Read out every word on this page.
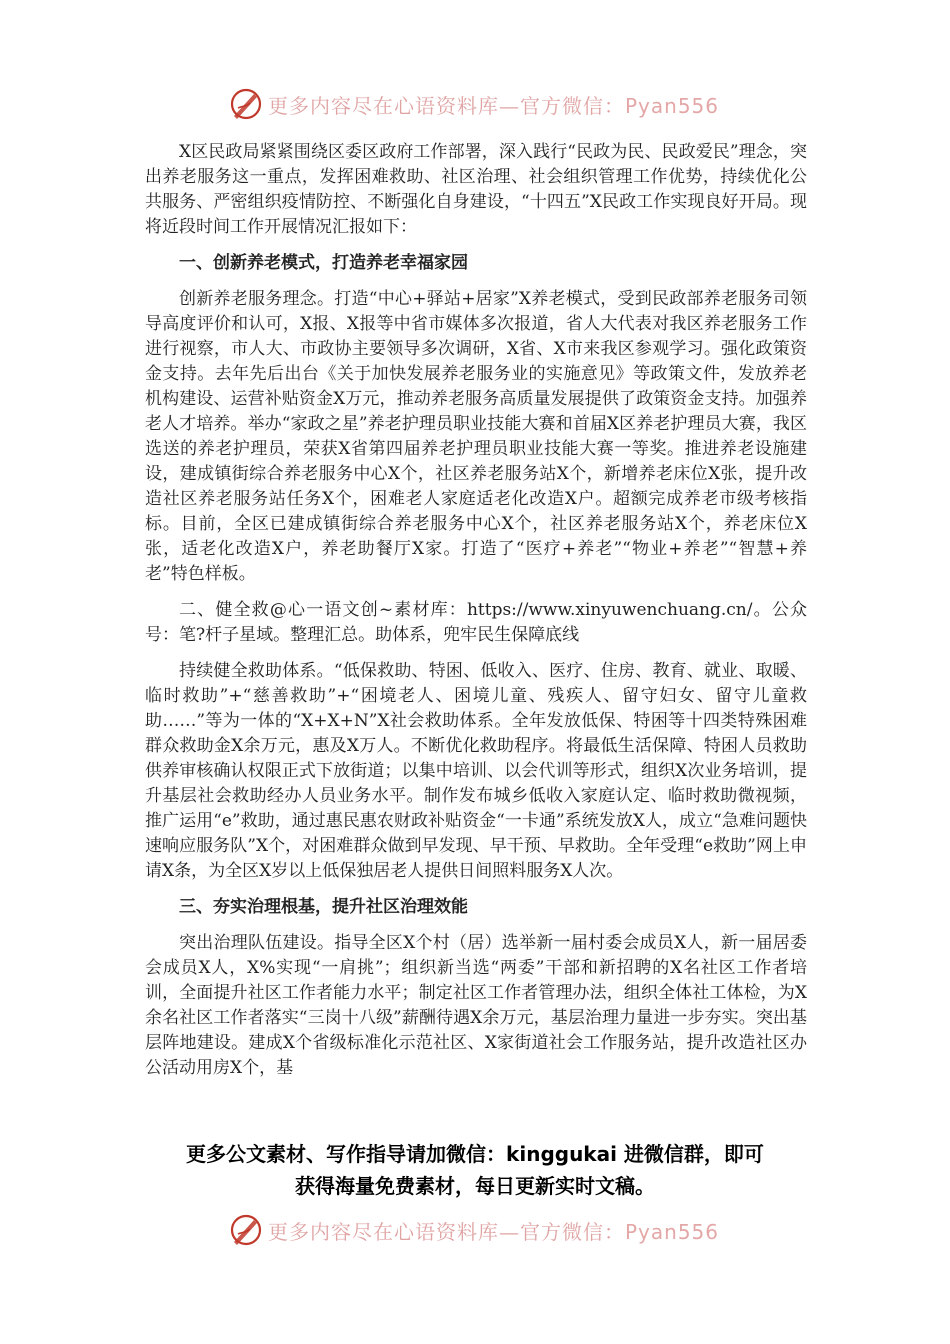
更多内容尽在心语资料库—官方微信：Pyan556

X区民政局紧紧围绕区委区政府工作部署，深入践行“民政为民、民政爱民”理念，突出养老服务这一重点，发挥困难救助、社区治理、社会组织管理工作优势，持续优化公共服务、严密组织疫情防控、不断强化自身建设，“十四五”X民政工作实现良好开局。现将近段时间工作开展情况汇报如下：

一、创新养老模式，打造养老幸福家园

创新养老服务理念。打造“中心+驿站+居家”X养老模式，受到民政部养老服务司领导高度评价和认可，X报、X报等中省市媒体多次报道，省人大代表对我区养老服务工作进行视察，市人大、市政协主要领导多次调研，X省、X市来我区参观学习。强化政策资金支持。去年先后出台《关于加快发展养老服务业的实施意见》等政策文件，发放养老机构建设、运营补贴资金X万元，推动养老服务高质量发展提供了政策资金支持。加强养老人才培养。举办“家政之星”养老护理员职业技能大赛和首届X区养老护理员大赛，我区选送的养老护理员，荣获X省第四届养老护理员职业技能大赛一等奖。推进养老设施建设，建成镇街综合养老服务中心X个，社区养老服务站X个，新增养老床位X张，提升改造社区养老服务站任务X个，困难老人家庭适老化改造X户。超额完成养老市级考核指标。目前，全区已建成镇街综合养老服务中心X个，社区养老服务站X个，养老床位X张，适老化改造X户，养老助餐厅X家。打造了“医疗+养老”“物业+养老”“智慧+养老”特色样板。

二、健全救@心一语文创~素材库：https://www.xinyuwenchuang.cn/。公众号：笔?杆子星域。整理汇总。助体系，兜牢民生保障底线

持续健全救助体系。“低保救助、特困、低收入、医疗、住房、教育、就业、取暖、临时救助”+“慈善救助”+“困境老人、困境儿童、残疾人、留守妇女、留守儿童救助……”等为一体的“X+X+N”X社会救助体系。全年发放低保、特困等十四类特殊困难群众救助金X余万元，惠及X万人。不断优化救助程序。将最低生活保障、特困人员救助供养审核确认权限正式下放街道；以集中培训、以会代训等形式，组织X次业务培训，提升基层社会救助经办人员业务水平。制作发布城乡低收入家庭认定、临时救助微视频，推广运用“e”救助，通过惠民惠农财政补贴资金“一卡通”系统发放X人，成立“急难问题快速响应服务队”X个，对困难群众做到早发现、早干预、早救助。全年受理“e救助”网上申请X条，为全区X岁以上低保独居老人提供日间照料服务X人次。

三、夯实治理根基，提升社区治理效能

突出治理队伍建设。指导全区X个村（居）选举新一届村委会成员X人，新一届居委会成员X人，X%实现“一肩挑”；组织新当选“两委”干部和新招聘的X名社区工作者培训，全面提升社区工作者能力水平；制定社区工作者管理办法，组织全体社工体检，为X余名社区工作者落实“三岗十八级”薪酬待遇X余万元，基层治理力量进一步夯实。突出基层阵地建设。建成X个省级标准化示范社区、X家街道社会工作服务站，提升改造社区办公活动用房X个，基

更多公文素材、写作指导请加微信：kinggukai 进微信群，即可
获得海量免费素材，每日更新实时文稿。
更多内容尽在心语资料库—官方微信：Pyan556
